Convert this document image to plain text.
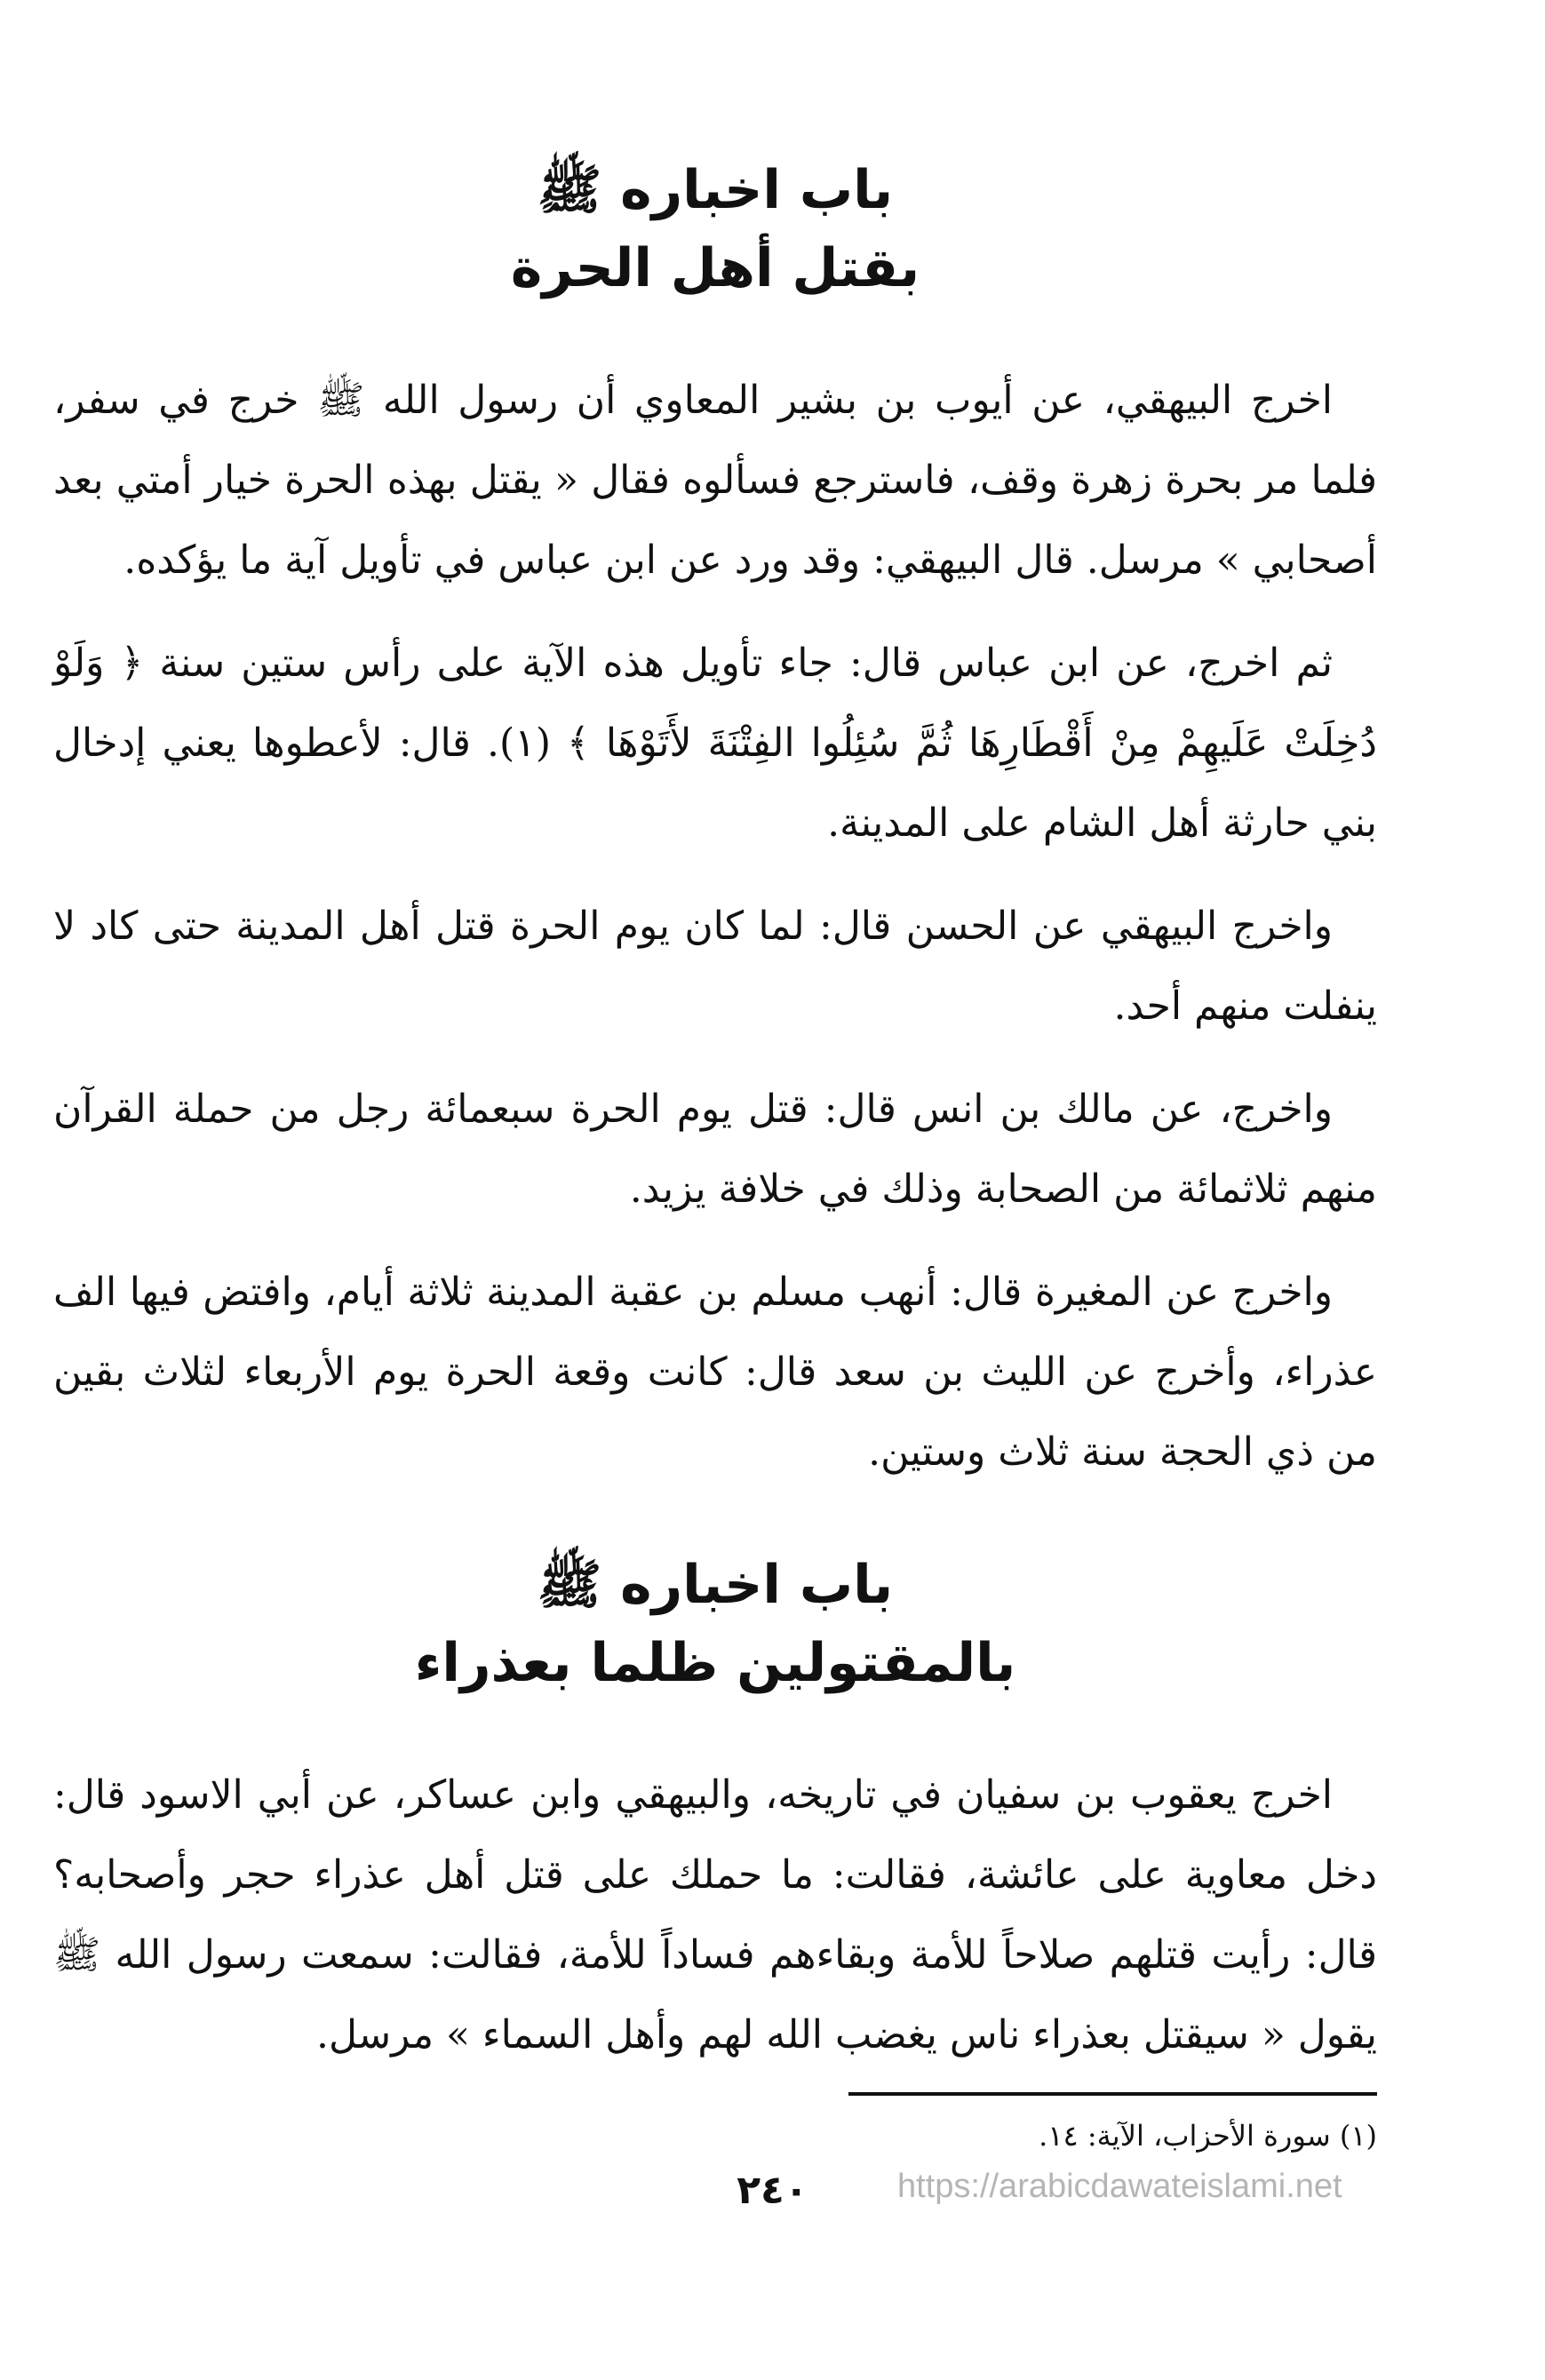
باب اخباره ﷺ

بقتل أهل الحرة

اخرج البيهقي، عن أيوب بن بشير المعاوي أن رسول الله ﷺ خرج في سفر، فلما مر بحرة زهرة وقف، فاسترجع فسألوه فقال « يقتل بهذه الحرة خيار أمتي بعد أصحابي » مرسل. قال البيهقي: وقد ورد عن ابن عباس في تأويل آية ما يؤكده.

ثم اخرج، عن ابن عباس قال: جاء تأويل هذه الآية على رأس ستين سنة ﴿ وَلَوْ دُخِلَتْ عَلَيهِمْ مِنْ أَقْطَارِهَا ثُمَّ سُئِلُوا الفِتْنَةَ لأَتَوْهَا ﴾ (١). قال: لأعطوها يعني إدخال بني حارثة أهل الشام على المدينة.

واخرج البيهقي عن الحسن قال: لما كان يوم الحرة قتل أهل المدينة حتى كاد لا ينفلت منهم أحد.

واخرج، عن مالك بن انس قال: قتل يوم الحرة سبعمائة رجل من حملة القرآن منهم ثلاثمائة من الصحابة وذلك في خلافة يزيد.

واخرج عن المغيرة قال: أنهب مسلم بن عقبة المدينة ثلاثة أيام، وافتض فيها الف عذراء، وأخرج عن الليث بن سعد قال: كانت وقعة الحرة يوم الأربعاء لثلاث بقين من ذي الحجة سنة ثلاث وستين.

باب اخباره ﷺ

بالمقتولين ظلما بعذراء

اخرج يعقوب بن سفيان في تاريخه، والبيهقي وابن عساكر، عن أبي الاسود قال: دخل معاوية على عائشة، فقالت: ما حملك على قتل أهل عذراء حجر وأصحابه؟ قال: رأيت قتلهم صلاحاً للأمة وبقاءهم فساداً للأمة، فقالت: سمعت رسول الله ﷺ يقول « سيقتل بعذراء ناس يغضب الله لهم وأهل السماء » مرسل.

(١) سورة الأحزاب، الآية: ١٤.
٢٤٠	https://arabicdawateislami.net
